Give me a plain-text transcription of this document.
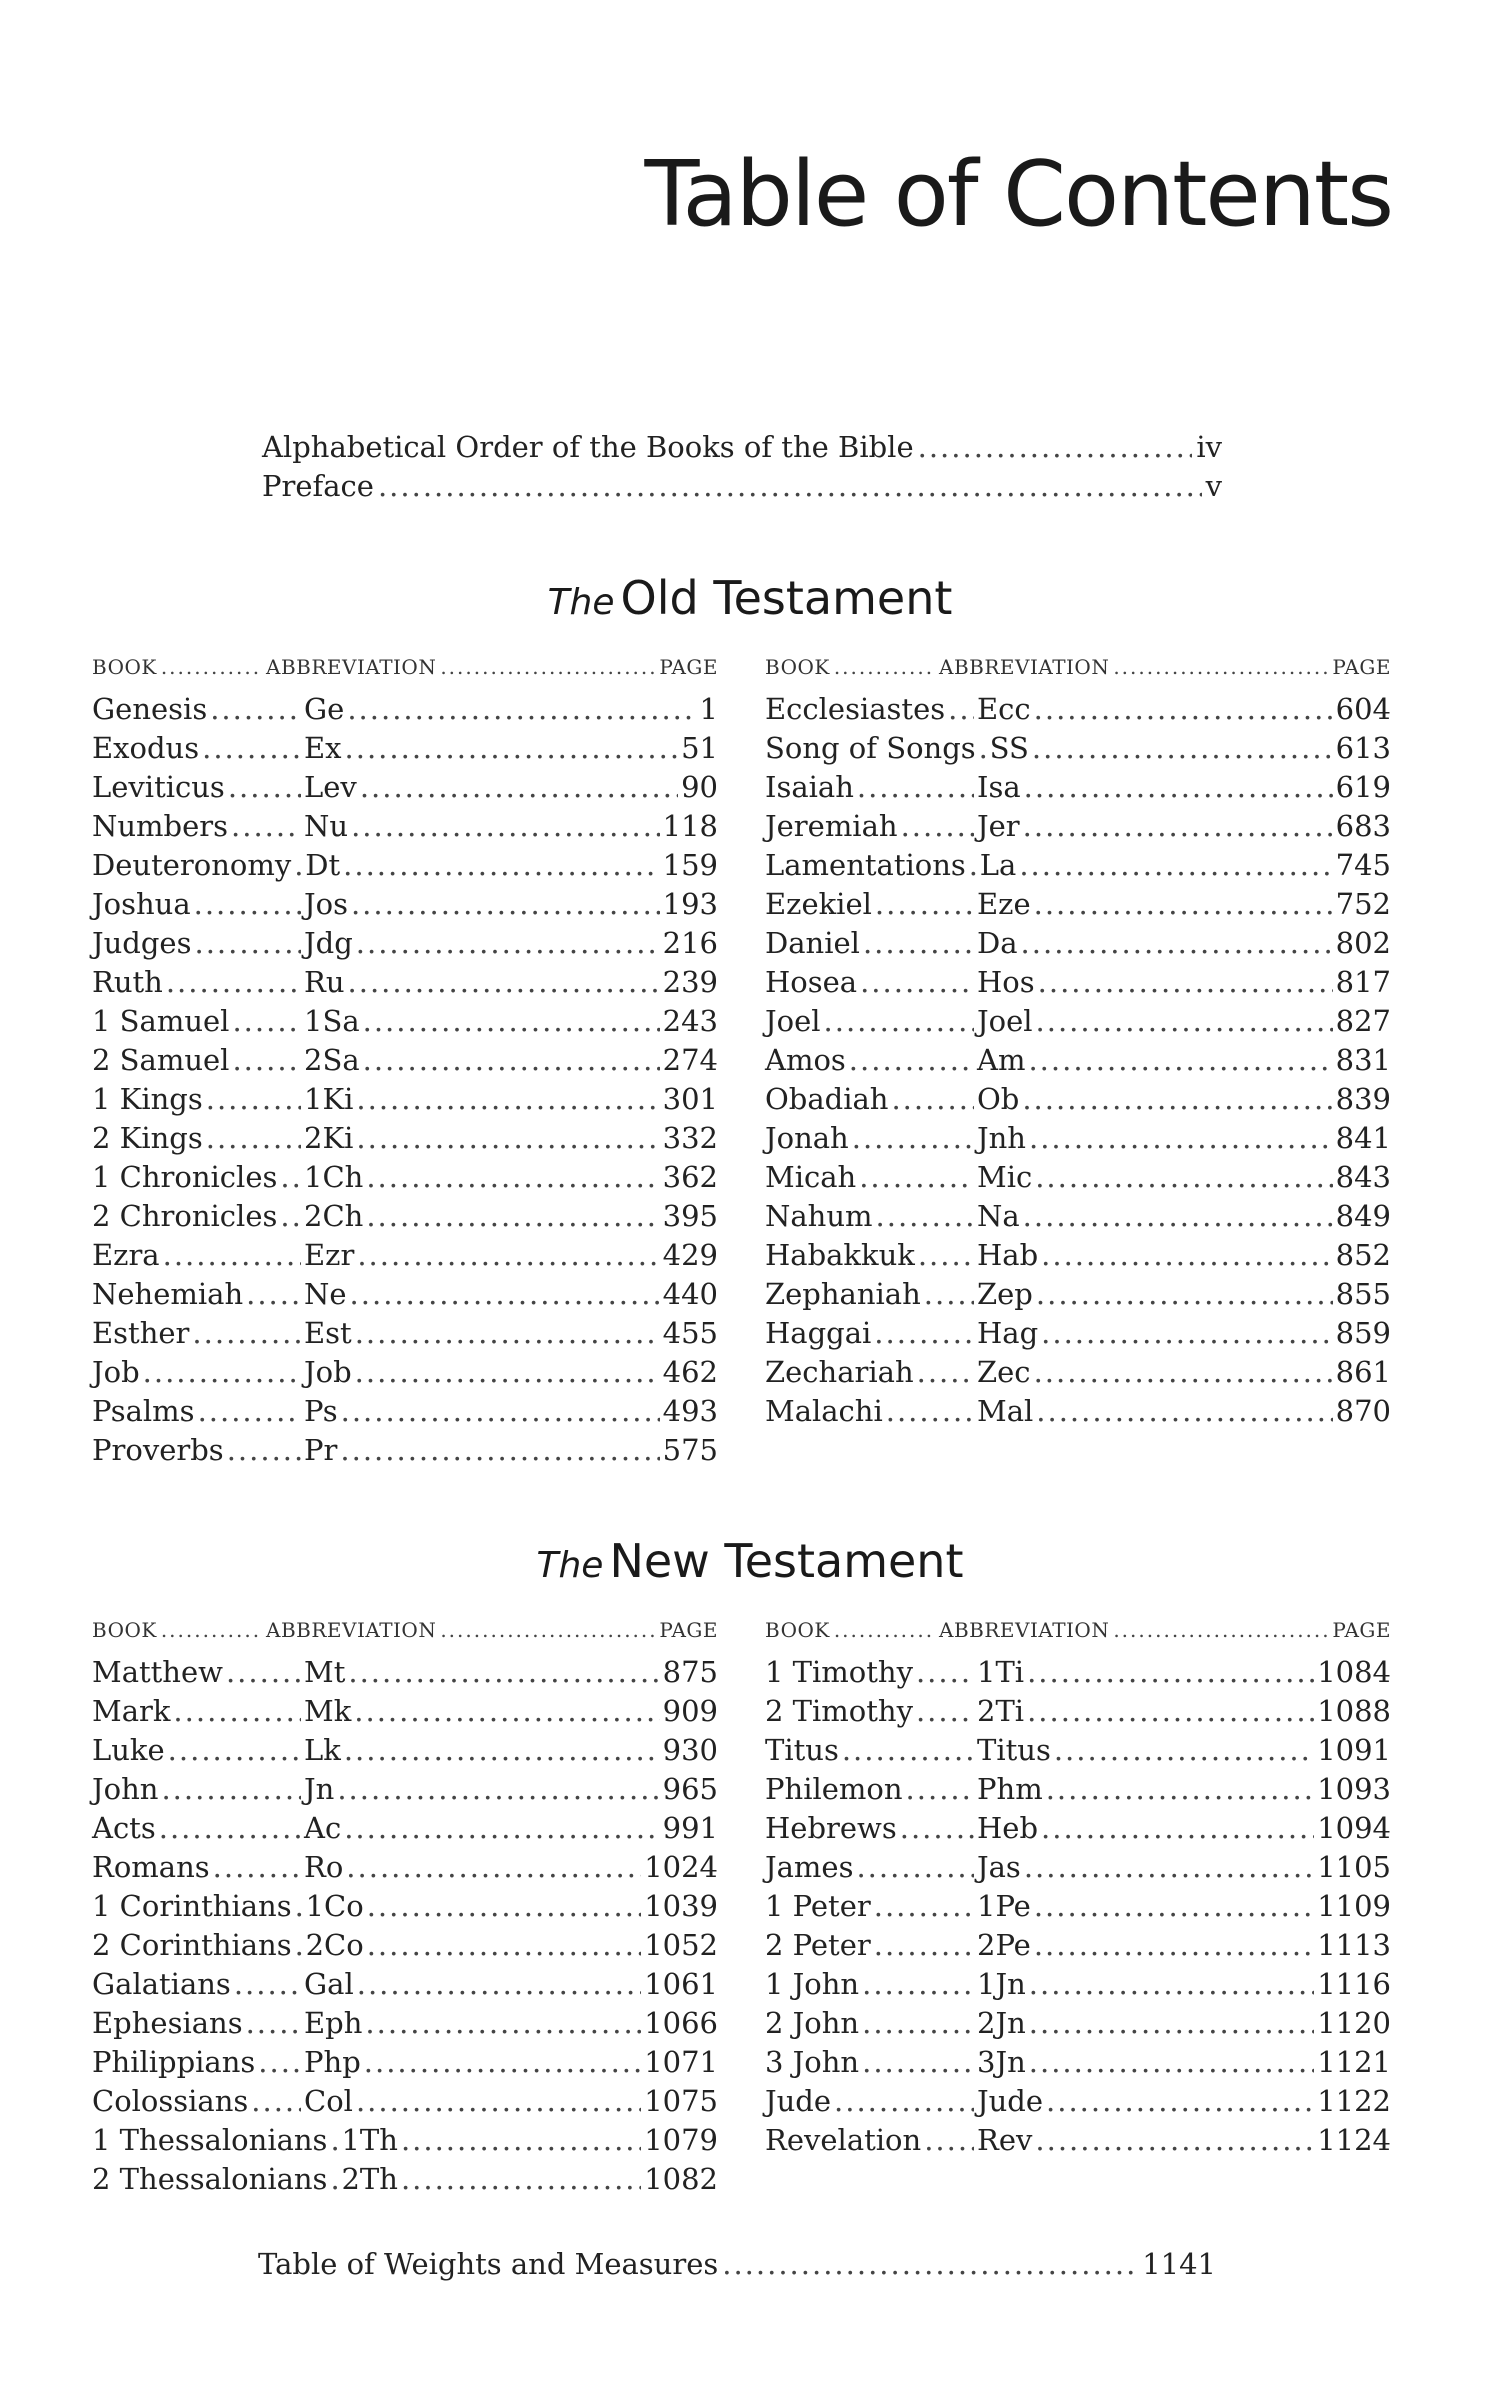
Table of Contents
Alphabetical Order of the Books of the Bible .....	iv
Preface .....	v
The Old Testament
BOOK .....	ABBREVIATION .....	PAGE
Genesis .....	Ge .....	1
Exodus .....	Ex .....	51
Leviticus .....	Lev .....	90
Numbers .....	Nu .....	118
Deuteronomy ..... Dt .....	159
Joshua .....	Jos .....	193
Judges .....	Jdg .....	216
Ruth .....	Ru .....	239
1 Samuel .....	1Sa .....	243
2 Samuel .....	2Sa .....	274
1 Kings .....	1Ki .....	301
2 Kings .....	2Ki .....	332
1 Chronicles ..... 1Ch .....	362
2 Chronicles ..... 2Ch .....	395
Ezra .....	Ezr .....	429
Nehemiah ..... Ne .....	440
Esther .....	Est .....	455
Job .....	Job .....	462
Psalms .....	Ps .....	493
Proverbs .....	Pr .....	575
BOOK .....	ABBREVIATION .....	PAGE
Ecclesiastes ..... Ecc .....	604
Song of Songs ..... SS .....	613
Isaiah .....	Isa .....	619
Jeremiah .....	Jer .....	683
Lamentations ..... La .....	745
Ezekiel .....	Eze .....	752
Daniel .....	Da .....	802
Hosea .....	Hos .....	817
Joel .....	Joel .....	827
Amos .....	Am .....	831
Obadiah .....	Ob .....	839
Jonah .....	Jnh .....	841
Micah .....	Mic .....	843
Nahum .....	Na .....	849
Habakkuk ..... Hab .....	852
Zephaniah ..... Zep .....	855
Haggai .....	Hag .....	859
Zechariah ..... Zec .....	861
Malachi .....	Mal .....	870
The New Testament
BOOK .....	ABBREVIATION .....	PAGE
Matthew .....	Mt .....	875
Mark .....	Mk .....	909
Luke .....	Lk .....	930
John .....	Jn .....	965
Acts .....	Ac .....	991
Romans .....	Ro .....	1024
1 Corinthians ..... 1Co .....	1039
2 Corinthians ..... 2Co .....	1052
Galatians .....	Gal .....	1061
Ephesians ..... Eph .....	1066
Philippians ..... Php .....	1071
Colossians ..... Col .....	1075
1 Thessalonians ..... 1Th .....	1079
2 Thessalonians ..... 2Th .....	1082
BOOK .....	ABBREVIATION .....	PAGE
1 Timothy ..... 1Ti .....	1084
2 Timothy ..... 2Ti .....	1088
Titus .....	Titus .....	1091
Philemon .....	Phm .....	1093
Hebrews .....	Heb .....	1094
James .....	Jas .....	1105
1 Peter .....	1Pe .....	1109
2 Peter .....	2Pe .....	1113
1 John .....	1Jn .....	1116
2 John .....	2Jn .....	1120
3 John .....	3Jn .....	1121
Jude .....	Jude .....	1122
Revelation ..... Rev .....	1124
Table of Weights and Measures .....	1141
